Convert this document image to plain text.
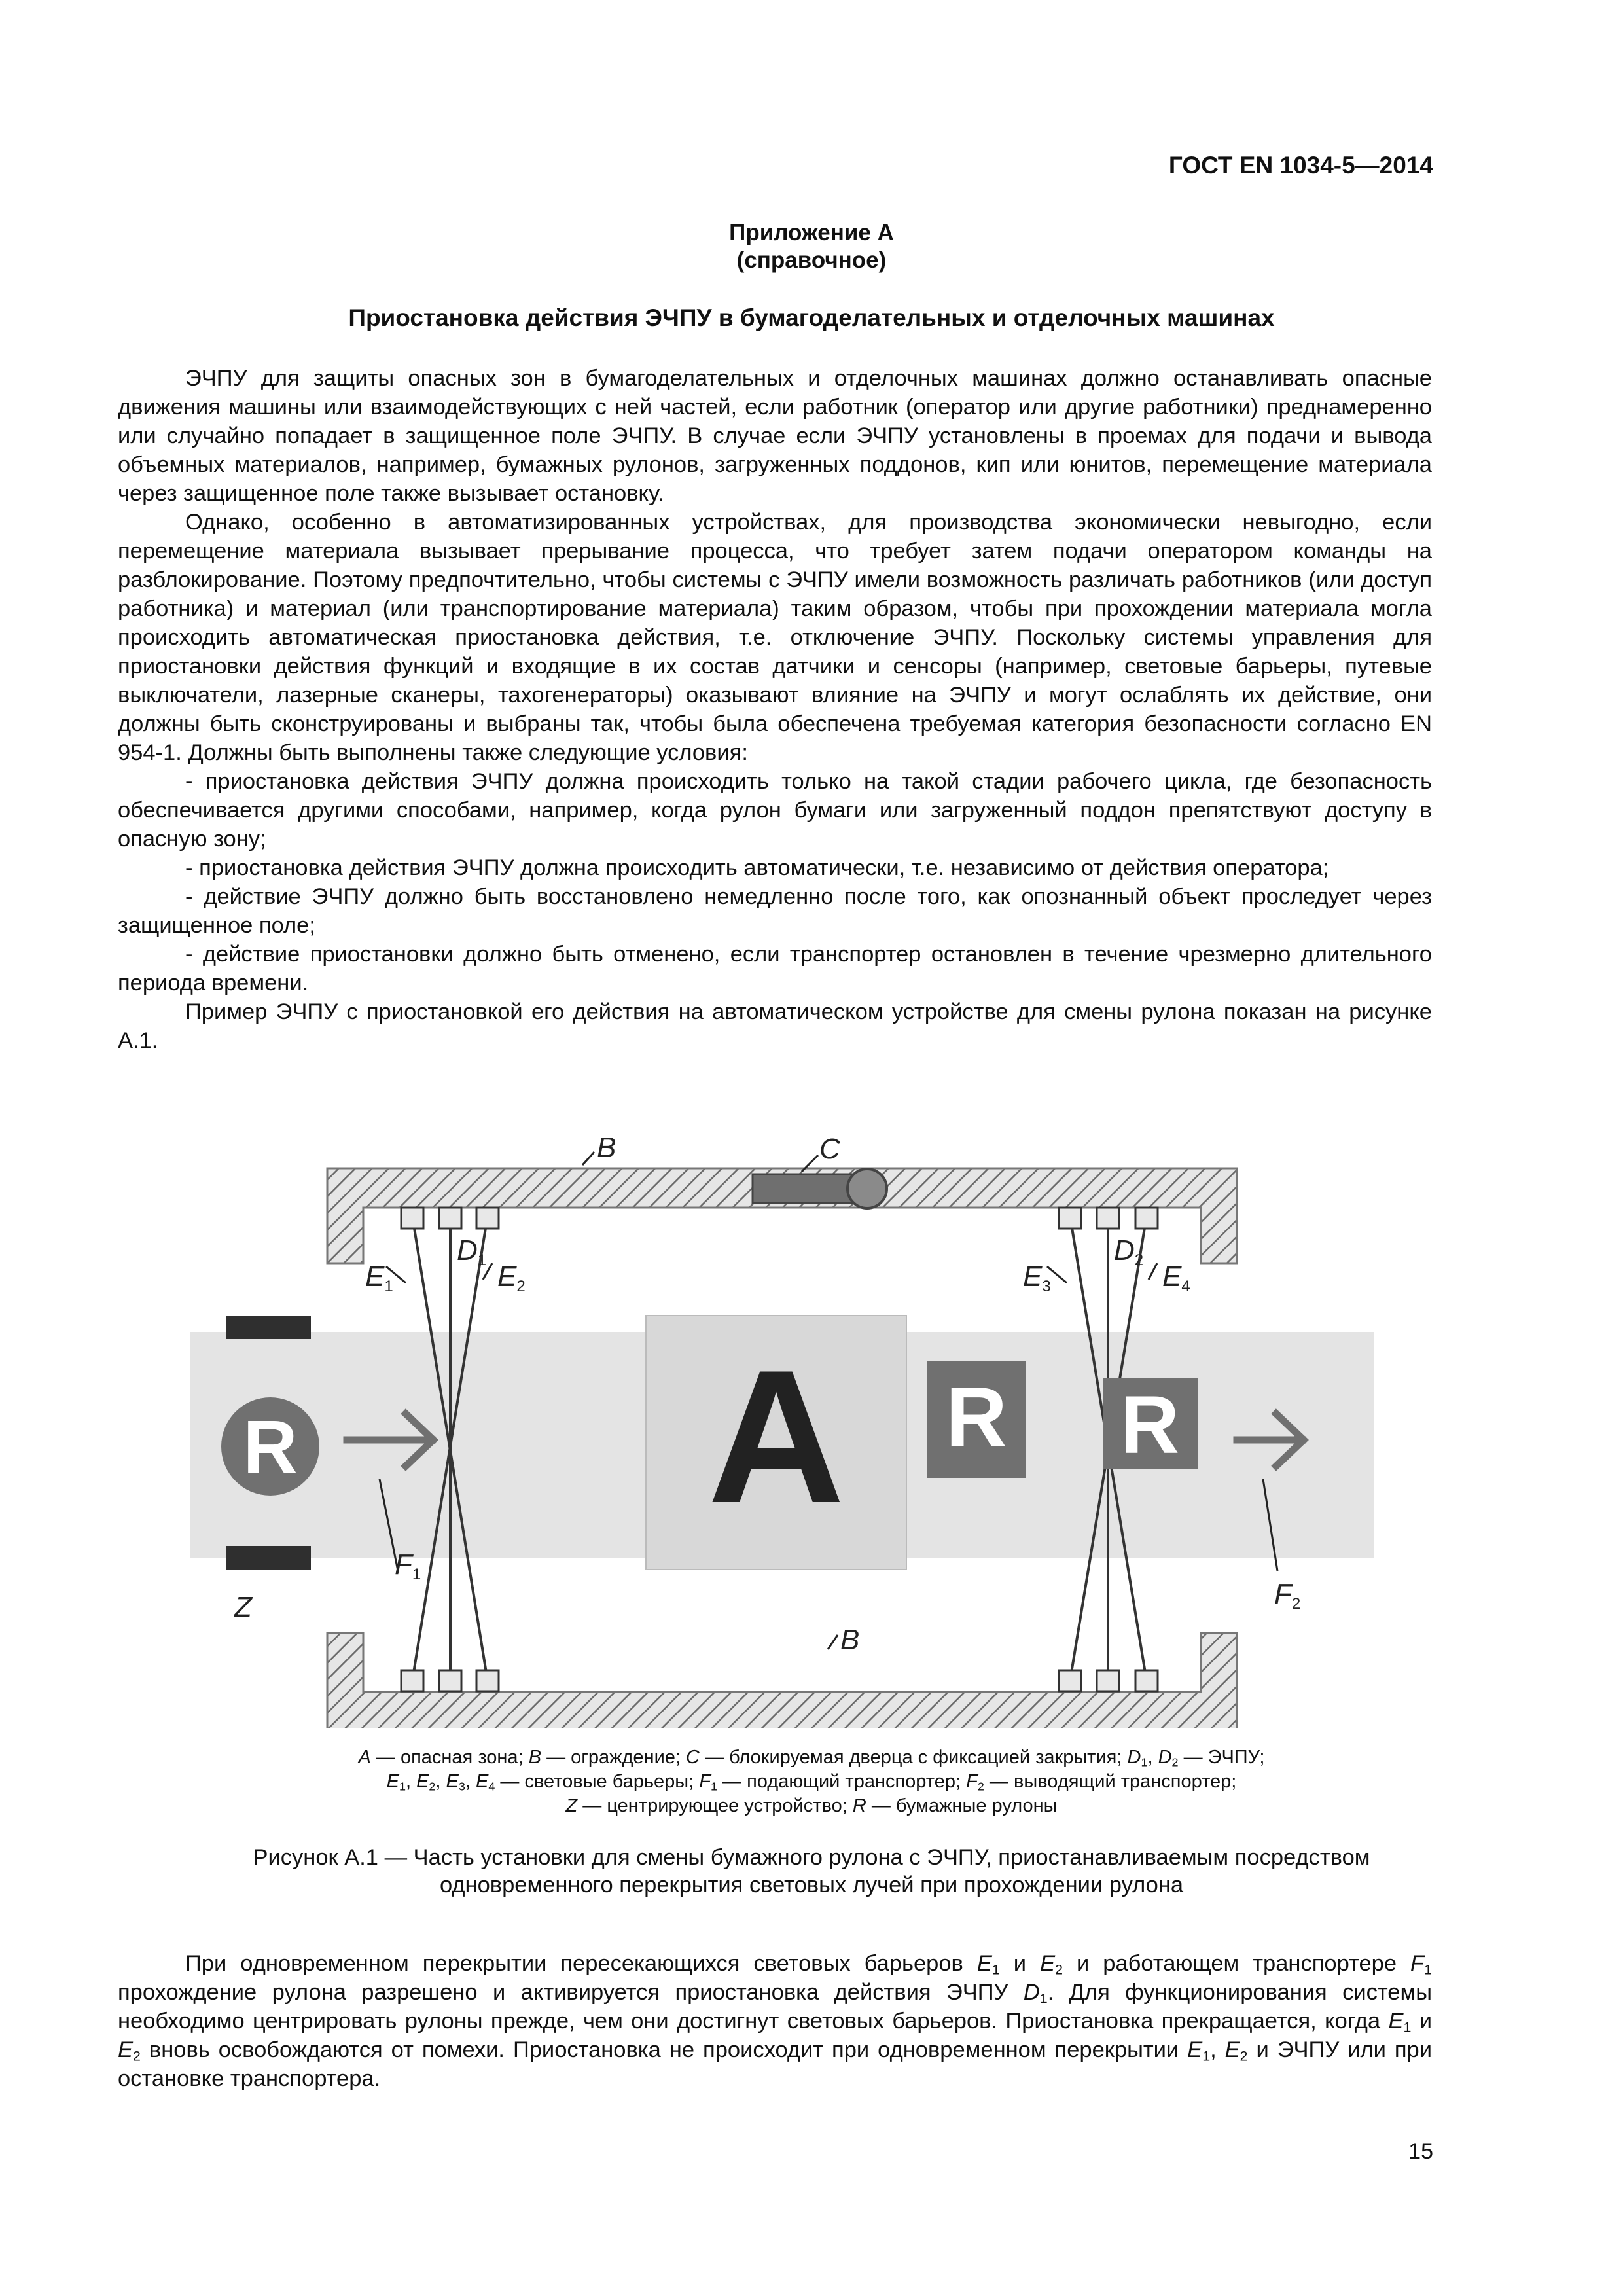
ГОСТ EN 1034-5—2014
Приложение А
(справочное)
Приостановка действия ЭЧПУ в бумагоделательных и отделочных машинах

ЭЧПУ для защиты опасных зон в бумагоделательных и отделочных машинах должно останавливать опасные движения машины или взаимодействующих с ней частей, если работник (оператор или другие работники) преднамеренно или случайно попадает в защищенное поле ЭЧПУ. В случае если ЭЧПУ установлены в проемах для подачи и вывода объемных материалов, например, бумажных рулонов, загруженных поддонов, кип или юнитов, перемещение материала через защищенное поле также вызывает остановку.

Однако, особенно в автоматизированных устройствах, для производства экономически невыгодно, если перемещение материала вызывает прерывание процесса, что требует затем подачи оператором команды на разблокирование. Поэтому предпочтительно, чтобы системы с ЭЧПУ имели возможность различать работников (или доступ работника) и материал (или транспортирование материала) таким образом, чтобы при прохождении материала могла происходить автоматическая приостановка действия, т.е. отключение ЭЧПУ. Поскольку системы управления для приостановки действия функций и входящие в их состав датчики и сенсоры (например, световые барьеры, путевые выключатели, лазерные сканеры, тахогенераторы) оказывают влияние на ЭЧПУ и могут ослаблять их действие, они должны быть сконструированы и выбраны так, чтобы была обеспечена требуемая категория безопасности согласно EN 954-1. Должны быть выполнены также следующие условия:

- приостановка действия ЭЧПУ должна происходить только на такой стадии рабочего цикла, где безопасность обеспечивается другими способами, например, когда рулон бумаги или загруженный поддон препятствуют доступу в опасную зону;

- приостановка действия ЭЧПУ должна происходить автоматически, т.е. независимо от действия оператора;

- действие ЭЧПУ должно быть восстановлено немедленно после того, как опознанный объект проследует через защищенное поле;

- действие приостановки должно быть отменено, если транспортер остановлен в течение чрезмерно длительного периода времени.

Пример ЭЧПУ с приостановкой его действия на автоматическом устройстве для смены рулона показан на рисунке А.1.

A
R	R R
B	C
B
Z
D1
E1	E2
D2
E3	E4
F1
F2
A — опасная зона; B — ограждение; C — блокируемая дверца с фиксацией закрытия; $D_1$, $D_2$ — ЭЧПУ;
$E_1$, $E_2$, $E_3$, $E_4$ — световые барьеры; $F_1$ — подающий транспортер; $F_2$ — выводящий транспортер;
Z — центрирующее устройство; R — бумажные рулоны
Рисунок А.1 — Часть установки для смены бумажного рулона с ЭЧПУ, приостанавливаемым посредством
одновременного перекрытия световых лучей при прохождении рулона

При одновременном перекрытии пересекающихся световых барьеров $E_1$ и $E_2$ и работающем транспортере $F_1$ прохождение рулона разрешено и активируется приостановка действия ЭЧПУ $D_1$. Для функционирования системы необходимо центрировать рулоны прежде, чем они достигнут световых барьеров. Приостановка прекращается, когда $E_1$ и $E_2$ вновь освобождаются от помехи. Приостановка не происходит при одновременном перекрытии $E_1$, $E_2$ и ЭЧПУ или при остановке транспортера.

15
